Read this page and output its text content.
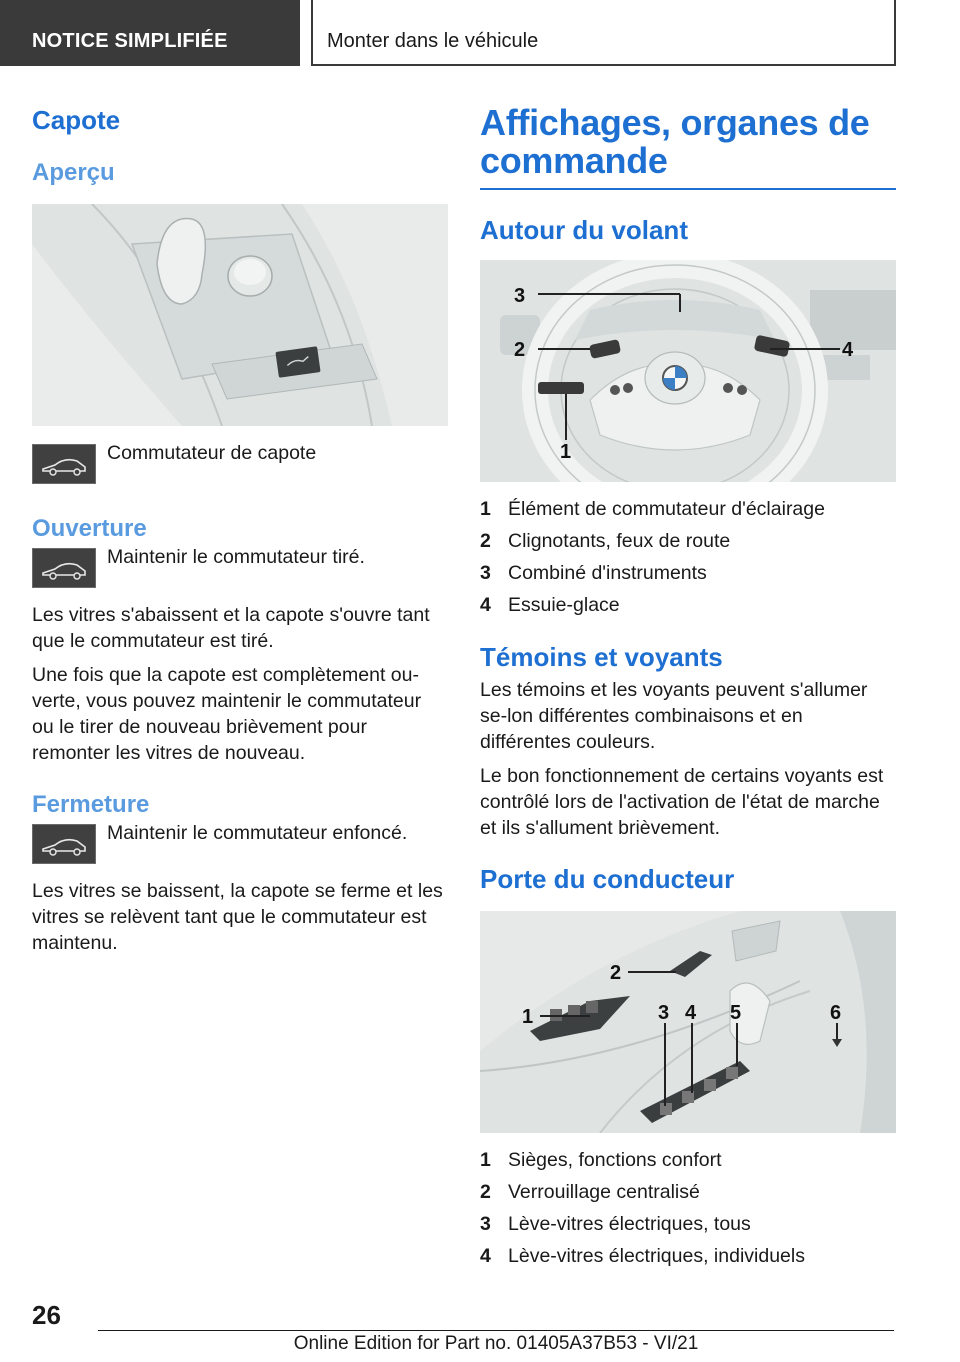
NOTICE SIMPLIFIÉE	Monter dans le véhicule
Capote
Aperçu
Commutateur de capote
Ouverture
Maintenir le commutateur tiré.
Les vitres s'abaissent et la capote s'ouvre tant que le commutateur est tiré.
Une fois que la capote est complètement ou-verte, vous pouvez maintenir le commutateur ou le tirer de nouveau brièvement pour remonter les vitres de nouveau.
Fermeture
Maintenir le commutateur enfoncé.
Les vitres se baissent, la capote se ferme et les vitres se relèvent tant que le commutateur est maintenu.
Affichages, organes de commande
Autour du volant
3
2	4
1
1 Élément de commutateur d'éclairage
2 Clignotants, feux de route
3 Combiné d'instruments
4 Essuie-glace
Témoins et voyants
Les témoins et les voyants peuvent s'allumer se-lon différentes combinaisons et en différentes couleurs.
Le bon fonctionnement de certains voyants est contrôlé lors de l'activation de l'état de marche et ils s'allument brièvement.
Porte du conducteur
1
2
3 4 5	6
1 Sièges, fonctions confort
2 Verrouillage centralisé
3 Lève-vitres électriques, tous
4 Lève-vitres électriques, individuels
26
Online Edition for Part no. 01405A37B53 - VI/21
